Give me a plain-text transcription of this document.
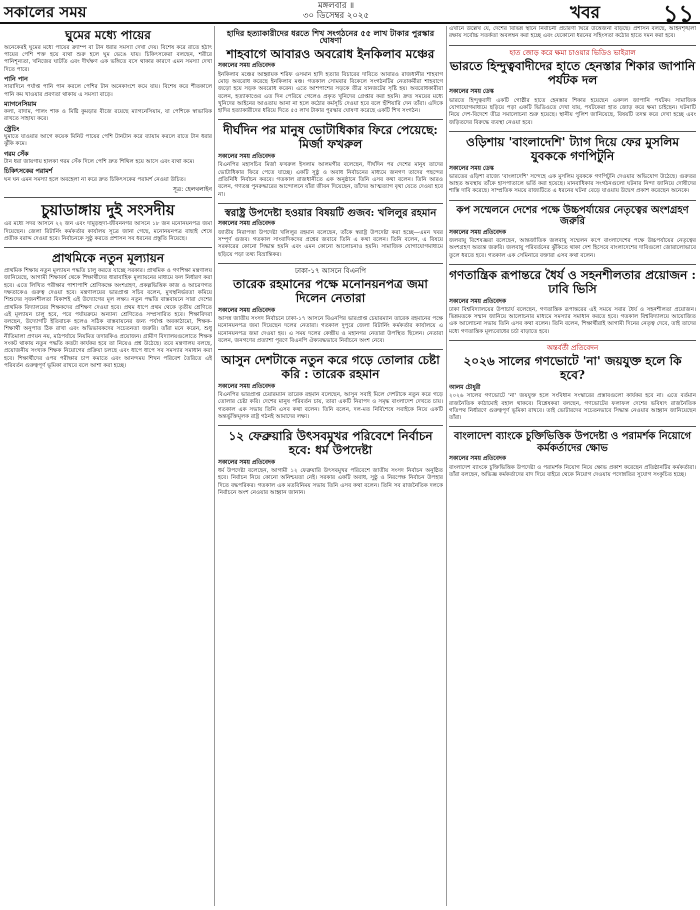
সকালের সময়	মঙ্গলবার ॥
৩০ ডিসেম্বর ২০২৫	খবর	১১
ঘুমের মধ্যে পায়ের
অনেকেরই ঘুমের মধ্যে পায়ের ক্র্যাম্প বা টান ধরার সমস্যা দেখা দেয়। বিশেষ করে রাতে হঠাৎ পায়ের পেশি শক্ত হয়ে ব্যথা শুরু হলে ঘুম ভেঙে যায়। চিকিৎসকেরা বলছেন, শরীরে পানিশূন্যতা, খনিজের ঘাটতি এবং দীর্ঘক্ষণ এক ভঙ্গিতে বসে থাকার কারণে এমন সমস্যা দেখা দিতে পারে।
পানি পান
সারাদিনে পর্যাপ্ত পানি পান করলে পেশির টান অনেকাংশে কমে যায়। বিশেষ করে শীতকালে পানি কম খাওয়ার প্রবণতা থাকায় এ সমস্যা বাড়ে।
ম্যাগনেসিয়াম
কলা, বাদাম, পালং শাক ও মিষ্টি কুমড়ার বীজে রয়েছে ম্যাগনেসিয়াম, যা পেশিকে স্বাভাবিক রাখতে সাহায্য করে।
স্ট্রেচিং
ঘুমাতে যাওয়ার আগে কয়েক মিনিট পায়ের পেশি টানটান করে ব্যায়াম করলে রাতে টান ধরার ঝুঁকি কমে।
গরম সেঁক
টান ধরা জায়গায় হালকা গরম সেঁক দিলে পেশি দ্রুত শিথিল হয়ে আসে এবং ব্যথা কমে।
চিকিৎসকের পরামর্শ
ঘন ঘন এমন সমস্যা হলে অবহেলা না করে দ্রুত চিকিৎসকের পরামর্শ নেওয়া উচিত।
সূত্র: হেলথলাইন
চুয়াডাঙ্গায় দুই সংসদীয়
এর মধ্যে সদর আসনে ২২ জন এবং দামুড়হুদা-জীবননগর আসনে ১৮ জন মনোনয়নপত্র জমা দিয়েছেন। জেলা রিটার্নিং কর্মকর্তার কার্যালয় সূত্রে জানা গেছে, মনোনয়নপত্র বাছাই শেষে প্রতীক বরাদ্দ দেওয়া হবে। নির্বাচনকে সুষ্ঠু করতে প্রশাসন সব ধরনের প্রস্তুতি নিয়েছে।
প্রাথমিকে নতুন মূল্যায়ন
প্রাথমিক শিক্ষায় নতুন মূল্যায়ন পদ্ধতি চালু করতে যাচ্ছে সরকার। প্রাথমিক ও গণশিক্ষা মন্ত্রণালয় জানিয়েছে, আগামী শিক্ষাবর্ষ থেকে শিক্ষার্থীদের ধারাবাহিক মূল্যায়নের মাধ্যমে ফল নির্ধারণ করা হবে। এতে লিখিত পরীক্ষার পাশাপাশি শ্রেণিকক্ষে অংশগ্রহণ, প্রকল্পভিত্তিক কাজ ও আচরণগত দক্ষতাকেও গুরুত্ব দেওয়া হবে। মন্ত্রণালয়ের ভারপ্রাপ্ত সচিব বলেন, মুখস্থনির্ভরতা কমিয়ে শিশুদের সৃজনশীলতা বিকাশই এই উদ্যোগের মূল লক্ষ্য। নতুন পদ্ধতি বাস্তবায়নে সারা দেশের প্রাথমিক বিদ্যালয়ের শিক্ষকদের প্রশিক্ষণ দেওয়া হবে। প্রথম ধাপে প্রথম থেকে তৃতীয় শ্রেণিতে এই মূল্যায়ন চালু হবে, পরে পর্যায়ক্রমে অন্যান্য শ্রেণিতেও সম্প্রসারিত হবে। শিক্ষাবিদরা বলছেন, উদ্যোগটি ইতিবাচক হলেও সঠিক বাস্তবায়নের জন্য পর্যাপ্ত অবকাঠামো, শিক্ষক-শিক্ষার্থী অনুপাত ঠিক রাখা এবং অভিভাবকদের সচেতনতা জরুরি। তাঁরা মনে করেন, শুধু নীতিমালা প্রণয়ন নয়, মাঠপর্যায়ে নিয়মিত তদারকিও প্রয়োজন। গ্রামীণ বিদ্যালয়গুলোতে শিক্ষক সংকট থাকায় নতুন পদ্ধতি কতটা কার্যকর হবে তা নিয়েও প্রশ্ন উঠেছে। তবে মন্ত্রণালয় বলছে, প্রয়োজনীয় সংখ্যক শিক্ষক নিয়োগের প্রক্রিয়া চলছে এবং ধাপে ধাপে সব সমস্যার সমাধান করা হবে। শিক্ষার্থীদের ওপর পরীক্ষার চাপ কমাতে এবং আনন্দময় শিখন পরিবেশ তৈরিতে এই পরিবর্তন গুরুত্বপূর্ণ ভূমিকা রাখবে বলে আশা করা হচ্ছে।
হাদির হত্যাকারীদের ধরতে শিখ সংগঠনের ৫৫ লাখ টাকার পুরস্কার ঘোষণা
শাহবাগে আবারও অবরোধ ইনকিলাব মঞ্চের
সকালের সময় প্রতিবেদক
ইনকিলাব মঞ্চের আহ্বায়ক শরিফ ওসমান হাদি হত্যার বিচারের দাবিতে আবারও রাজধানীর শাহবাগ মোড় অবরোধ করেছে ইনকিলাব মঞ্চ। গতকাল সোমবার বিকেলে সংগঠনটির নেতাকর্মীরা শাহবাগে জড়ো হয়ে সড়ক অবরোধ করেন। এতে আশপাশের সড়কে তীব্র যানজটের সৃষ্টি হয়। অবরোধকারীরা বলেন, হত্যাকাণ্ডের এত দিন পেরিয়ে গেলেও প্রকৃত খুনিদের গ্রেপ্তার করা হয়নি। দ্রুত সময়ের মধ্যে খুনিদের আইনের আওতায় আনা না হলে কঠোর কর্মসূচি দেওয়া হবে বলে হুঁশিয়ারি দেন তাঁরা। এদিকে হাদির হত্যাকারীদের ধরিয়ে দিতে ৫৫ লাখ টাকার পুরস্কার ঘোষণা করেছে একটি শিখ সংগঠন।
দীর্ঘদিন পর মানুষ ভোটাধিকার ফিরে পেয়েছে: মির্জা ফখরুল
সকালের সময় প্রতিবেদক
বিএনপির মহাসচিব মির্জা ফখরুল ইসলাম আলমগীর বলেছেন, দীর্ঘদিন পর দেশের মানুষ তাদের ভোটাধিকার ফিরে পেতে যাচ্ছে। একটি সুষ্ঠু ও অবাধ নির্বাচনের মাধ্যমে জনগণ তাদের পছন্দের প্রতিনিধি নির্বাচন করবে। গতকাল রাজধানীতে এক অনুষ্ঠানে তিনি এসব কথা বলেন। তিনি আরও বলেন, গণতন্ত্র পুনরুদ্ধারের আন্দোলনে যাঁরা জীবন দিয়েছেন, তাঁদের আত্মত্যাগ বৃথা যেতে দেওয়া হবে না।
স্বরাষ্ট্র উপদেষ্টা হওয়ার বিষয়টি গুজব: খলিলুর রহমান
সকালের সময় প্রতিবেদক
জাতীয় নিরাপত্তা উপদেষ্টা খলিলুর রহমান বলেছেন, তাঁকে স্বরাষ্ট্র উপদেষ্টা করা হচ্ছে—এমন খবর সম্পূর্ণ গুজব। গতকাল সাংবাদিকদের প্রশ্নের জবাবে তিনি এ কথা বলেন। তিনি বলেন, এ বিষয়ে সরকারের কোনো সিদ্ধান্ত হয়নি এবং এমন কোনো আলোচনাও হয়নি। সামাজিক যোগাযোগমাধ্যমে ছড়িয়ে পড়া তথ্য বিভ্রান্তিকর।
ঢাকা-১৭ আসনে বিএনপি
তারেক রহমানের পক্ষে মনোনয়নপত্র জমা দিলেন নেতারা
সকালের সময় প্রতিবেদক
আসন্ন জাতীয় সংসদ নির্বাচনে ঢাকা-১৭ আসনে বিএনপির ভারপ্রাপ্ত চেয়ারম্যান তারেক রহমানের পক্ষে মনোনয়নপত্র জমা দিয়েছেন দলের নেতারা। গতকাল দুপুরে জেলা রিটার্নিং কর্মকর্তার কার্যালয়ে এ মনোনয়নপত্র জমা দেওয়া হয়। এ সময় দলের কেন্দ্রীয় ও মহানগর নেতারা উপস্থিত ছিলেন। নেতারা বলেন, জনগণের প্রত্যাশা পূরণে বিএনপি ঐক্যবদ্ধভাবে নির্বাচনে অংশ নেবে।
আসুন দেশটাকে নতুন করে গড়ে তোলার চেষ্টা করি : তারেক রহমান
সকালের সময় প্রতিবেদক
বিএনপির ভারপ্রাপ্ত চেয়ারম্যান তারেক রহমান বলেছেন, আসুন সবাই মিলে দেশটাকে নতুন করে গড়ে তোলার চেষ্টা করি। দেশের মানুষ পরিবর্তন চায়, তারা একটি নিরাপদ ও সমৃদ্ধ বাংলাদেশ দেখতে চায়। গতকাল এক সভায় তিনি এসব কথা বলেন। তিনি বলেন, দল-মত নির্বিশেষে সবাইকে নিয়ে একটি অন্তর্ভুক্তিমূলক রাষ্ট্র গঠনই আমাদের লক্ষ্য।
১২ ফেব্রুয়ারি উৎসবমুখর পরিবেশে নির্বাচন হবে: ধর্ম উপদেষ্টা
সকালের সময় প্রতিবেদক
ধর্ম উপদেষ্টা বলেছেন, আগামী ১২ ফেব্রুয়ারি উৎসবমুখর পরিবেশে জাতীয় সংসদ নির্বাচন অনুষ্ঠিত হবে। নির্বাচন নিয়ে কোনো অনিশ্চয়তা নেই। সরকার একটি অবাধ, সুষ্ঠু ও নিরপেক্ষ নির্বাচন উপহার দিতে বদ্ধপরিকর। গতকাল এক মতবিনিময় সভায় তিনি এসব কথা বলেন। তিনি সব রাজনৈতিক দলকে নির্বাচনে অংশ নেওয়ার আহ্বান জানান।
এখানে উল্লেখ যে, দেশের বিভিন্ন স্থানে নির্বাচনী প্রচারণা ঘিরে উত্তেজনা বাড়ছে। প্রশাসন বলছে, আইনশৃঙ্খলা রক্ষায় সর্বোচ্চ সতর্কতা অবলম্বন করা হচ্ছে এবং যেকোনো ধরনের সহিংসতা কঠোর হাতে দমন করা হবে।
হাত জোড় করে ক্ষমা চাওয়ার ভিডিও ভাইরাল
ভারতে হিন্দুত্ববাদীদের হাতে হেনস্তার শিকার জাপানি পর্যটক দল
সকালের সময় ডেস্ক
ভারতে হিন্দুত্ববাদী একটি গোষ্ঠীর হাতে হেনস্তার শিকার হয়েছেন একদল জাপানি পর্যটক। সামাজিক যোগাযোগমাধ্যমে ছড়িয়ে পড়া একটি ভিডিওতে দেখা যায়, পর্যটকেরা হাত জোড় করে ক্ষমা চাইছেন। ঘটনাটি নিয়ে দেশ-বিদেশে তীব্র সমালোচনা শুরু হয়েছে। স্থানীয় পুলিশ জানিয়েছে, বিষয়টি তদন্ত করে দেখা হচ্ছে এবং জড়িতদের বিরুদ্ধে ব্যবস্থা নেওয়া হবে।
ওড়িশায় 'বাংলাদেশি' ট্যাগ দিয়ে ফের মুসলিম যুবককে গণপিটুনি
সকালের সময় ডেস্ক
ভারতের ওড়িশা রাজ্যে 'বাংলাদেশি' সন্দেহে এক মুসলিম যুবককে গণপিটুনি দেওয়ার অভিযোগ উঠেছে। গুরুতর আহত অবস্থায় তাঁকে হাসপাতালে ভর্তি করা হয়েছে। মানবাধিকার সংগঠনগুলো ঘটনার নিন্দা জানিয়ে দোষীদের শাস্তি দাবি করেছে। সাম্প্রতিক সময়ে রাজ্যটিতে এ ধরনের ঘটনা বেড়ে যাওয়ায় উদ্বেগ প্রকাশ করেছেন অনেকে।
কপ সম্মেলনে দেশের পক্ষে উচ্চপর্যায়ের নেতৃত্বের অংশগ্রহণ জরুরি
সকালের সময় প্রতিবেদক
জলবায়ু বিশেষজ্ঞরা বলেছেন, আন্তর্জাতিক জলবায়ু সম্মেলন কপে বাংলাদেশের পক্ষে উচ্চপর্যায়ের নেতৃত্বের অংশগ্রহণ অত্যন্ত জরুরি। জলবায়ু পরিবর্তনের ঝুঁকিতে থাকা দেশ হিসেবে বাংলাদেশের দাবিগুলো জোরালোভাবে তুলে ধরতে হবে। গতকাল এক সেমিনারে বক্তারা এসব কথা বলেন।
গণতান্ত্রিক রূপান্তরে ধৈর্য ও সহনশীলতার প্রয়োজন : ঢাবি ভিসি
সকালের সময় প্রতিবেদক
ঢাকা বিশ্ববিদ্যালয়ের উপাচার্য বলেছেন, গণতান্ত্রিক রূপান্তরের এই সময়ে সবার ধৈর্য ও সহনশীলতা প্রয়োজন। ভিন্নমতকে সম্মান জানিয়ে আলোচনার মাধ্যমে সমস্যার সমাধান করতে হবে। গতকাল বিশ্ববিদ্যালয়ে আয়োজিত এক আলোচনা সভায় তিনি এসব কথা বলেন। তিনি বলেন, শিক্ষার্থীরাই আগামী দিনের নেতৃত্ব দেবে, তাই তাদের মধ্যে গণতান্ত্রিক মূল্যবোধের চর্চা বাড়াতে হবে।
অন্তর্বর্তী প্রতিবেদন
২০২৬ সালের গণভোটে 'না' জয়যুক্ত হলে কি হবে?
আলম চৌধুরী
২০২৬ সালের গণভোটে 'না' জয়যুক্ত হলে সংবিধান সংস্কারের প্রস্তাবগুলো কার্যকর হবে না। এতে বর্তমান রাজনৈতিক কাঠামোই বহাল থাকবে। বিশ্লেষকরা বলছেন, গণভোটের ফলাফল দেশের ভবিষ্যৎ রাজনৈতিক গতিপথ নির্ধারণে গুরুত্বপূর্ণ ভূমিকা রাখবে। তাই ভোটারদের সচেতনভাবে সিদ্ধান্ত নেওয়ার আহ্বান জানিয়েছেন তাঁরা।
বাংলাদেশ ব্যাংকে চুক্তিভিত্তিক উপদেষ্টা ও পরামর্শক নিয়োগে কর্মকর্তাদের ক্ষোভ
সকালের সময় প্রতিবেদক
বাংলাদেশ ব্যাংকে চুক্তিভিত্তিক উপদেষ্টা ও পরামর্শক নিয়োগ নিয়ে ক্ষোভ প্রকাশ করেছেন প্রতিষ্ঠানটির কর্মকর্তারা। তাঁরা বলছেন, অভিজ্ঞ কর্মকর্তাদের বাদ দিয়ে বাইরে থেকে নিয়োগ দেওয়ায় পদোন্নতির সুযোগ সংকুচিত হচ্ছে।
